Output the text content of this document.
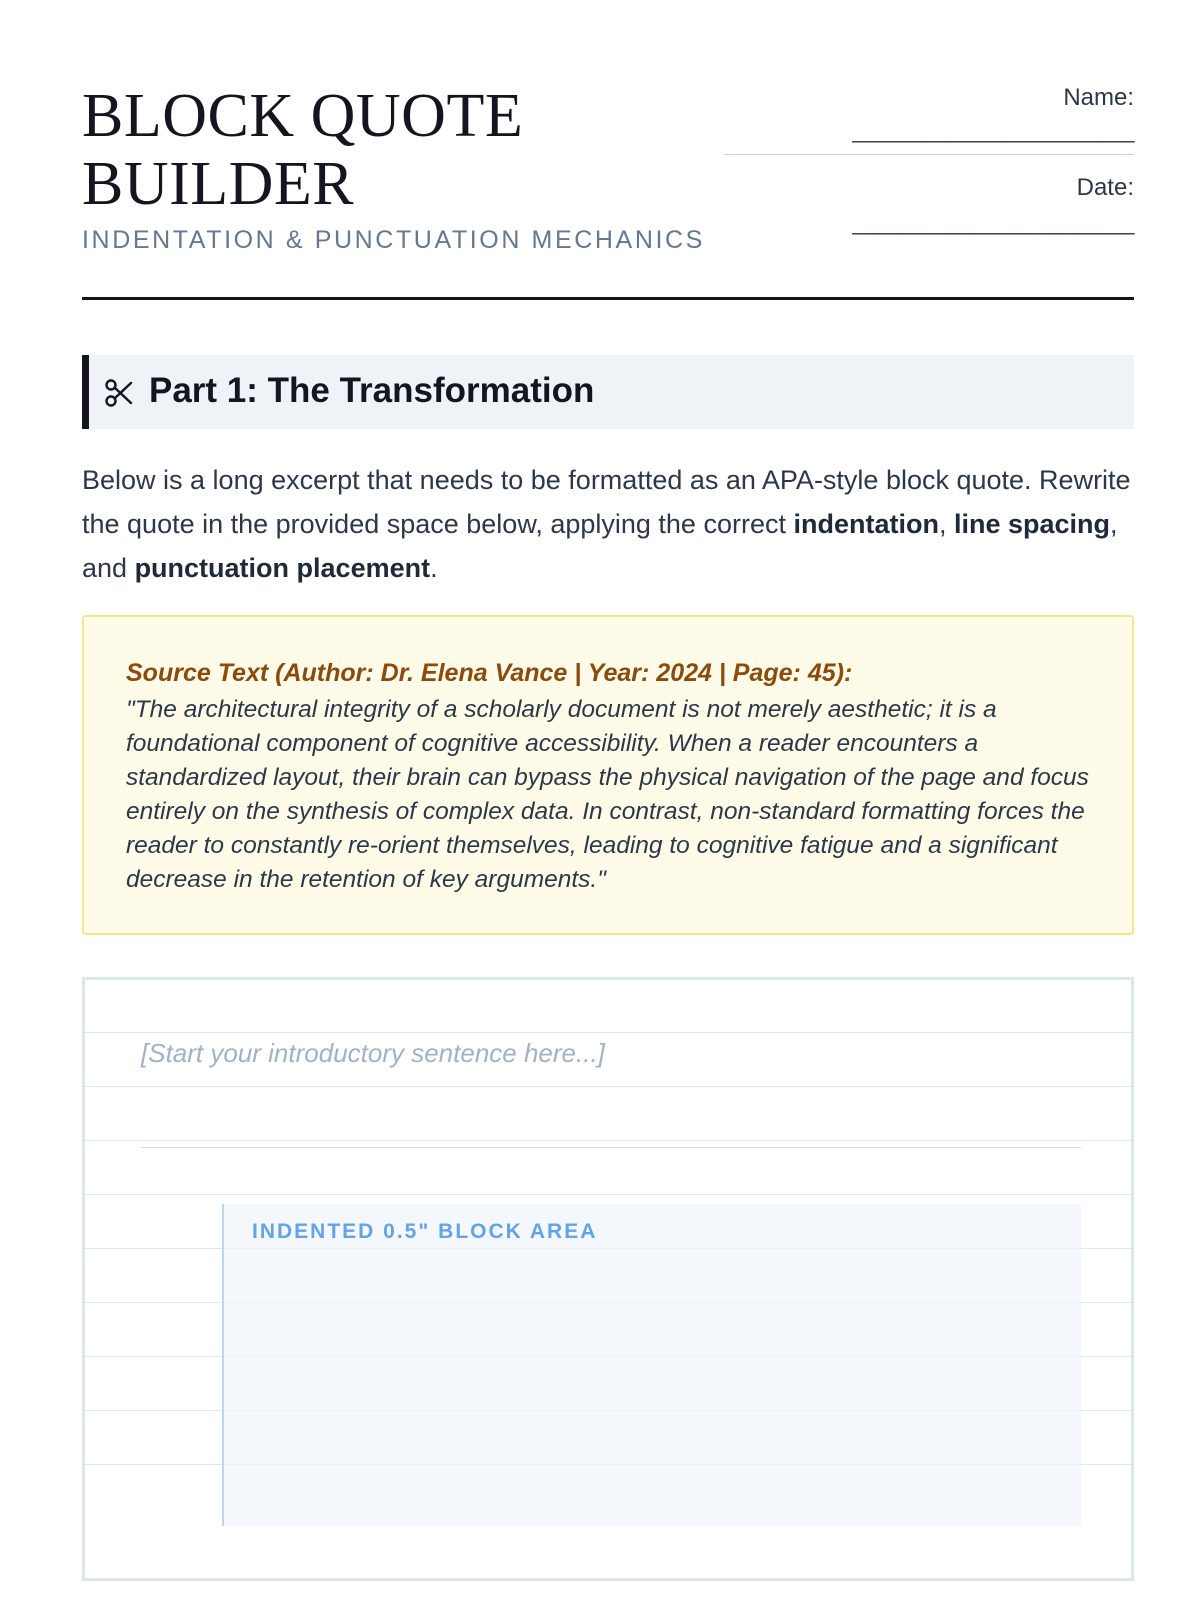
BLOCK QUOTE
BUILDER
INDENTATION & PUNCTUATION MECHANICS
Name:
________________________
Date:
________________________
Part 1: The Transformation
Below is a long excerpt that needs to be formatted as an APA-style block quote. Rewrite the quote in the provided space below, applying the correct indentation, line spacing, and punctuation placement.
Source Text (Author: Dr. Elena Vance | Year: 2024 | Page: 45):
"The architectural integrity of a scholarly document is not merely aesthetic; it is a foundational component of cognitive accessibility. When a reader encounters a standardized layout, their brain can bypass the physical navigation of the page and focus entirely on the synthesis of complex data. In contrast, non-standard formatting forces the reader to constantly re-orient themselves, leading to cognitive fatigue and a significant decrease in the retention of key arguments."
[Start your introductory sentence here...]
INDENTED 0.5" BLOCK AREA
